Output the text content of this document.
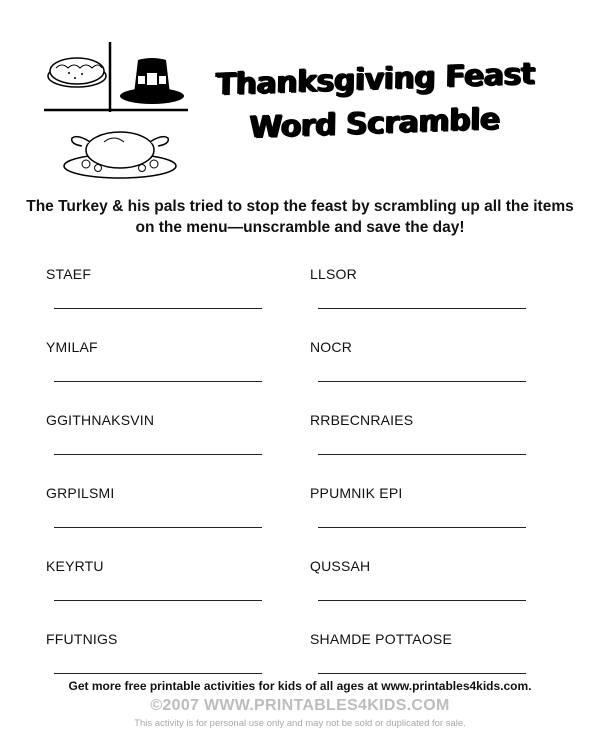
Thanksgiving Feast
Word Scramble
The Turkey & his pals tried to stop the feast by scrambling up all the items on the menu—unscramble and save the day!
STAEF
YMILAF
GGITHNAKSVIN
GRPILSMI
KEYRTU
FFUTNIGS
LLSOR
NOCR
RRBECNRAIES
PPUMNIK EPI
QUSSAH
SHAMDE POTTAOSE
Get more free printable activities for kids of all ages at www.printables4kids.com.
©2007 WWW.PRINTABLES4KIDS.COM
This activity is for personal use only and may not be sold or duplicated for sale.
